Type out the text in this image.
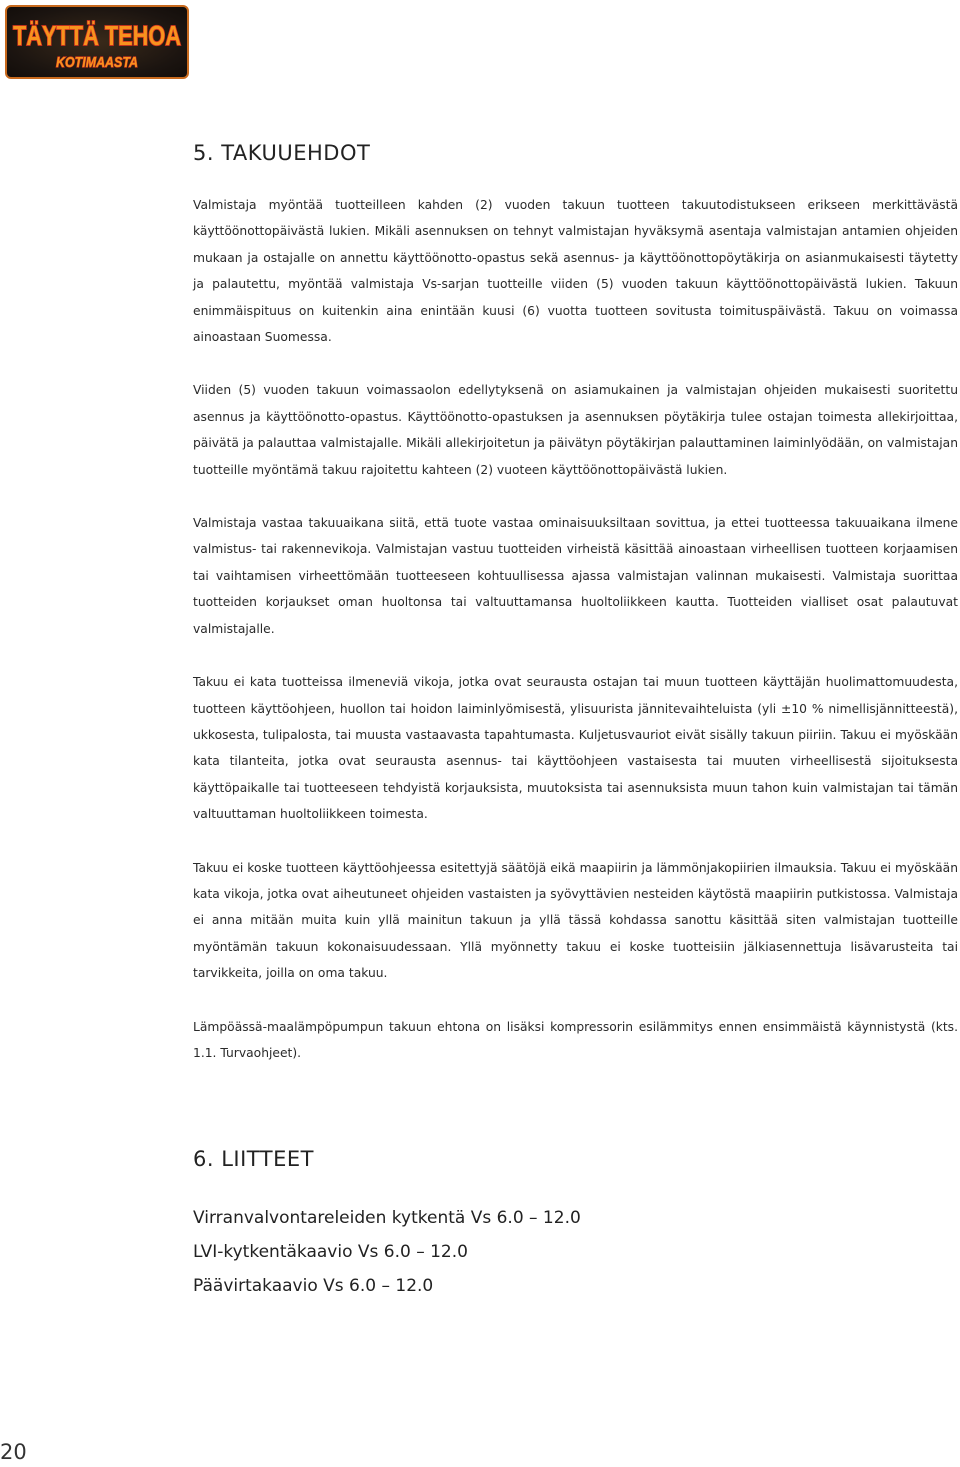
TÄYTTÄ TEHOA
KOTIMAASTA
5. TAKUUEHDOT

Valmistaja myöntää tuotteilleen kahden (2) vuoden takuun tuotteen takuutodistukseen erikseen merkittävästä käyttöönottopäivästä lukien. Mikäli asennuksen on tehnyt valmistajan hyväksymä asentaja valmistajan antamien ohjeiden mukaan ja ostajalle on annettu käyttöönotto-opastus sekä asennus- ja käyttöönottopöytäkirja on asianmukaisesti täytetty ja palautettu, myöntää valmistaja Vs-sarjan tuotteille viiden (5) vuoden takuun käyttöönottopäivästä lukien. Takuun enimmäispituus on kuitenkin aina enintään kuusi (6) vuotta tuotteen sovitusta toimituspäivästä. Takuu on voimassa ainoastaan Suomessa.

Viiden (5) vuoden takuun voimassaolon edellytyksenä on asiamukainen ja valmistajan ohjeiden mukaisesti suoritettu asennus ja käyttöönotto-opastus. Käyttöönotto-opastuksen ja asennuksen pöytäkirja tulee ostajan toimesta allekirjoittaa, päivätä ja palauttaa valmistajalle. Mikäli allekirjoitetun ja päivätyn pöytäkirjan palauttaminen laiminlyödään, on valmistajan tuotteille myöntämä takuu rajoitettu kahteen (2) vuoteen käyttöönottopäivästä lukien.

Valmistaja vastaa takuuaikana siitä, että tuote vastaa ominaisuuksiltaan sovittua, ja ettei tuotteessa takuuaikana ilmene valmistus- tai rakennevikoja. Valmistajan vastuu tuotteiden virheistä käsittää ainoastaan virheellisen tuotteen korjaamisen tai vaihtamisen virheettömään tuotteeseen kohtuullisessa ajassa valmistajan valinnan mukaisesti. Valmistaja suorittaa tuotteiden korjaukset oman huoltonsa tai valtuuttamansa huoltoliikkeen kautta. Tuotteiden vialliset osat palautuvat valmistajalle.

Takuu ei kata tuotteissa ilmeneviä vikoja, jotka ovat seurausta ostajan tai muun tuotteen käyttäjän huolimattomuudesta, tuotteen käyttöohjeen, huollon tai hoidon laiminlyömisestä, ylisuurista jännitevaihteluista (yli ±10 % nimellisjännitteestä), ukkosesta, tulipalosta, tai muusta vastaavasta tapahtumasta. Kuljetusvauriot eivät sisälly takuun piiriin. Takuu ei myöskään kata tilanteita, jotka ovat seurausta asennus- tai käyttöohjeen vastaisesta tai muuten virheellisestä sijoituksesta käyttöpaikalle tai tuotteeseen tehdyistä korjauksista, muutoksista tai asennuksista muun tahon kuin valmistajan tai tämän valtuuttaman huoltoliikkeen toimesta.

Takuu ei koske tuotteen käyttöohjeessa esitettyjä säätöjä eikä maapiirin ja lämmönjakopiirien ilmauksia. Takuu ei myöskään kata vikoja, jotka ovat aiheutuneet ohjeiden vastaisten ja syövyttävien nesteiden käytöstä maapiirin putkistossa. Valmistaja ei anna mitään muita kuin yllä mainitun takuun ja yllä tässä kohdassa sanottu käsittää siten valmistajan tuotteille myöntämän takuun kokonaisuudessaan. Yllä myönnetty takuu ei koske tuotteisiin jälkiasennettuja lisävarusteita tai tarvikkeita, joilla on oma takuu.

Lämpöässä-maalämpöpumpun takuun ehtona on lisäksi kompressorin esilämmitys ennen ensimmäistä käynnistystä (kts. 1.1. Turvaohjeet).

6. LIITTEET
Virranvalvontareleiden kytkentä Vs 6.0 – 12.0
LVI-kytkentäkaavio Vs 6.0 – 12.0
Päävirtakaavio Vs 6.0 – 12.0
20
